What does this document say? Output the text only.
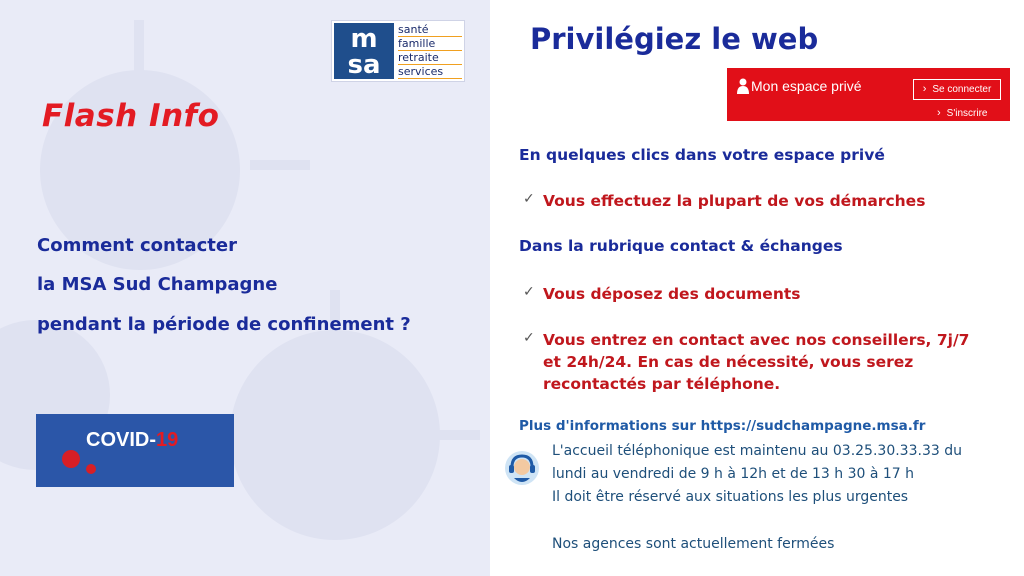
m
sa
santé
famille
retraite
services
Flash Info
Comment contacter
la MSA Sud Champagne
pendant la période de confinement ?
COVID-19
Privilégiez le web
Mon espace privé	› Se connecter
› S'inscrire
En quelques clics dans votre espace privé
✓ Vous effectuez la plupart de vos démarches
Dans la rubrique contact & échanges
✓ Vous déposez des documents
✓ Vous entrez en contact avec nos conseillers, 7j/7
et 24h/24. En cas de nécessité, vous serez
recontactés par téléphone.
Plus d'informations sur https://sudchampagne.msa.fr
L'accueil téléphonique est maintenu au 03.25.30.33.33 du
lundi au vendredi de 9 h à 12h et de 13 h 30 à 17 h
Il doit être réservé aux situations les plus urgentes
Nos agences sont actuellement fermées
